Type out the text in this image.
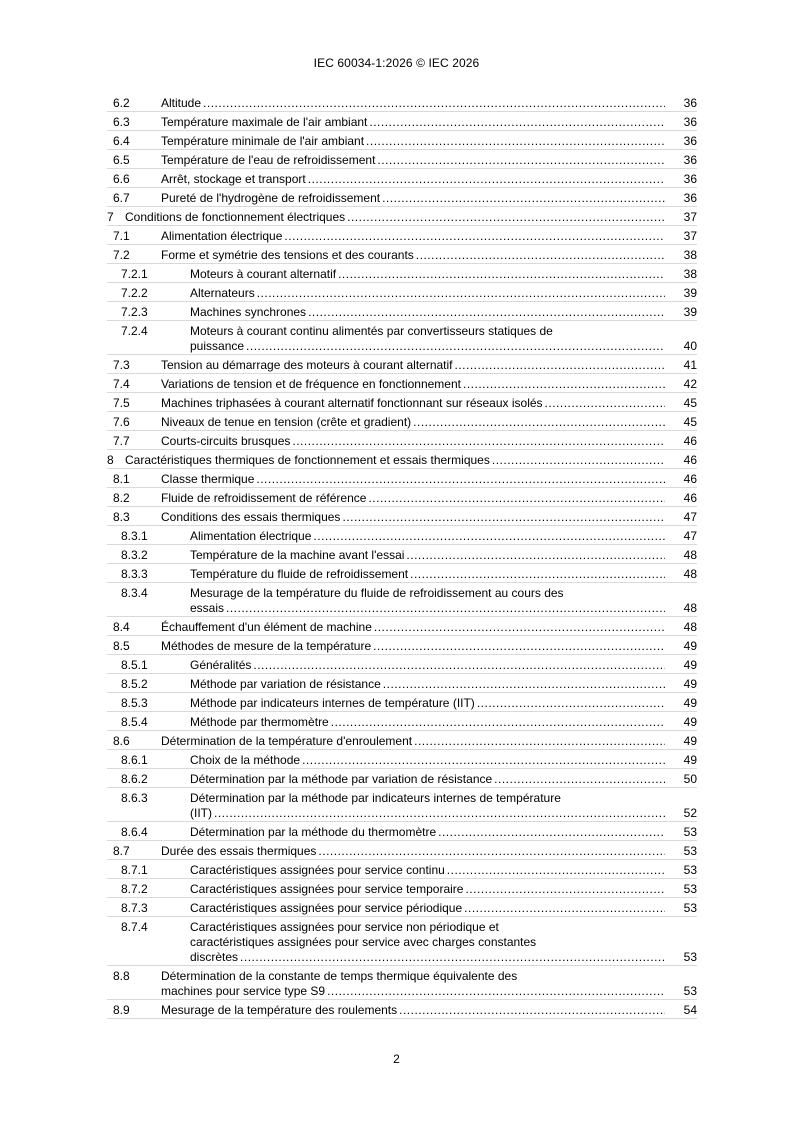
IEC 60034-1:2026 © IEC 2026
6.2	Altitude .....	36
6.3	Température maximale de l'air ambiant .....	36
6.4	Température minimale de l'air ambiant .....	36
6.5	Température de l'eau de refroidissement .....	36
6.6	Arrêt, stockage et transport .....	36
6.7	Pureté de l'hydrogène de refroidissement .....	36
7 Conditions de fonctionnement électriques .....	37
7.1	Alimentation électrique .....	37
7.2	Forme et symétrie des tensions et des courants .....	38
7.2.1	Moteurs à courant alternatif .....	38
7.2.2	Alternateurs .....	39
7.2.3	Machines synchrones .....	39
7.2.4	Moteurs à courant continu alimentés par convertisseurs statiques de
puissance .....	40
7.3	Tension au démarrage des moteurs à courant alternatif .....	41
7.4	Variations de tension et de fréquence en fonctionnement .....	42
7.5	Machines triphasées à courant alternatif fonctionnant sur réseaux isolés .....	45
7.6	Niveaux de tenue en tension (crête et gradient) .....	45
7.7	Courts-circuits brusques .....	46
8 Caractéristiques thermiques de fonctionnement et essais thermiques .....	46
8.1	Classe thermique .....	46
8.2	Fluide de refroidissement de référence .....	46
8.3	Conditions des essais thermiques .....	47
8.3.1	Alimentation électrique .....	47
8.3.2	Température de la machine avant l'essai .....	48
8.3.3	Température du fluide de refroidissement .....	48
8.3.4	Mesurage de la température du fluide de refroidissement au cours des
essais .....	48
8.4	Échauffement d'un élément de machine .....	48
8.5	Méthodes de mesure de la température .....	49
8.5.1	Généralités .....	49
8.5.2	Méthode par variation de résistance .....	49
8.5.3	Méthode par indicateurs internes de température (IIT) .....	49
8.5.4	Méthode par thermomètre .....	49
8.6	Détermination de la température d'enroulement .....	49
8.6.1	Choix de la méthode .....	49
8.6.2	Détermination par la méthode par variation de résistance .....	50
8.6.3	Détermination par la méthode par indicateurs internes de température
(IIT) .....	52
8.6.4	Détermination par la méthode du thermomètre .....	53
8.7	Durée des essais thermiques .....	53
8.7.1	Caractéristiques assignées pour service continu .....	53
8.7.2	Caractéristiques assignées pour service temporaire .....	53
8.7.3	Caractéristiques assignées pour service périodique .....	53
8.7.4	Caractéristiques assignées pour service non périodique et
caractéristiques assignées pour service avec charges constantes
discrètes .....	53
8.8	Détermination de la constante de temps thermique équivalente des
machines pour service type S9 .....	53
8.9	Mesurage de la température des roulements .....	54
2
